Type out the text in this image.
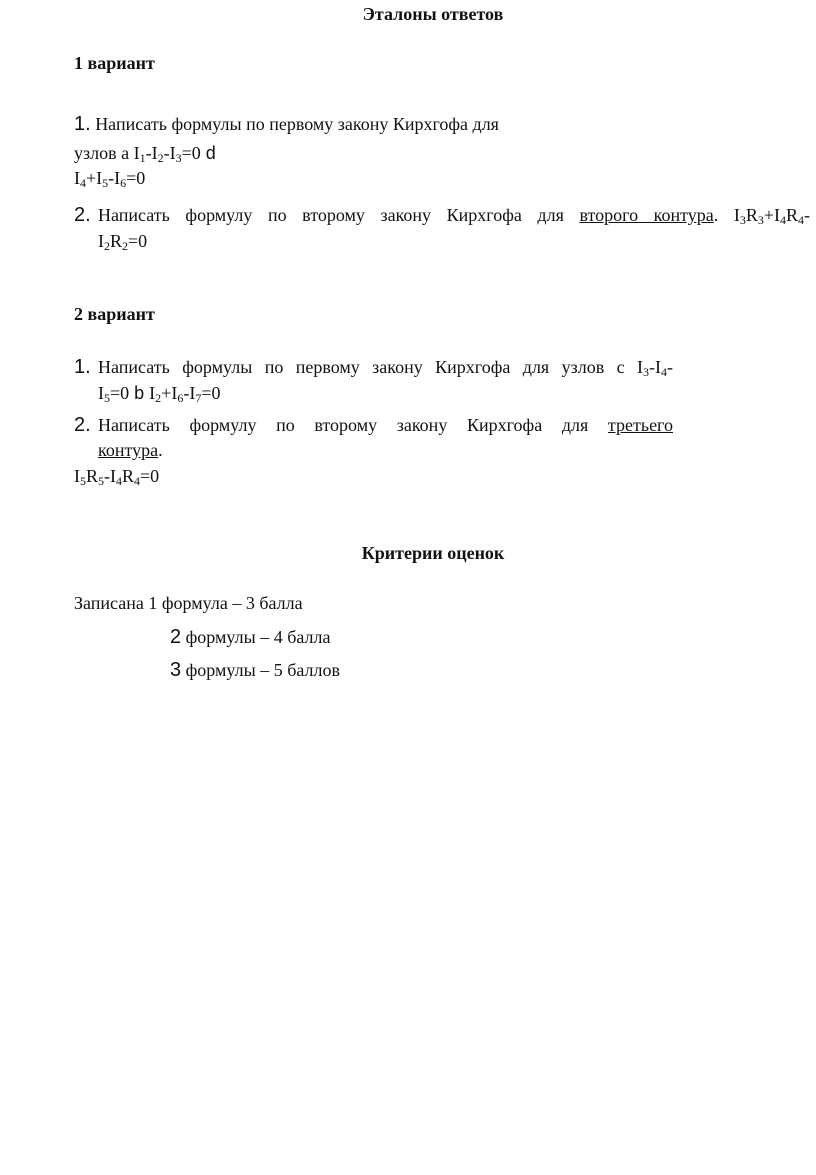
Эталоны ответов
1 вариант
1. Написать формулы по первому закону Кирхгофа для
узлов а $I_1-I_2-I_3=0$ d
$I_4+I_5-I_6=0$
2. Написать формулу по второму закону Кирхгофа для второго контура. $I_3R_3+I_4R_4-$
$I_2R_2=0$
2 вариант
1. Написать формулы по первому закону Кирхгофа для узлов с $I_3-I_4-$
$I_5=0$ b $I_2+I_6-I_7=0$
2. Написать формулу по второму закону Кирхгофа для третьего
контура.
$I_5R_5-I_4R_4=0$
Критерии оценок
Записана 1 формула – 3 балла
2 формулы – 4 балла
3 формулы – 5 баллов
